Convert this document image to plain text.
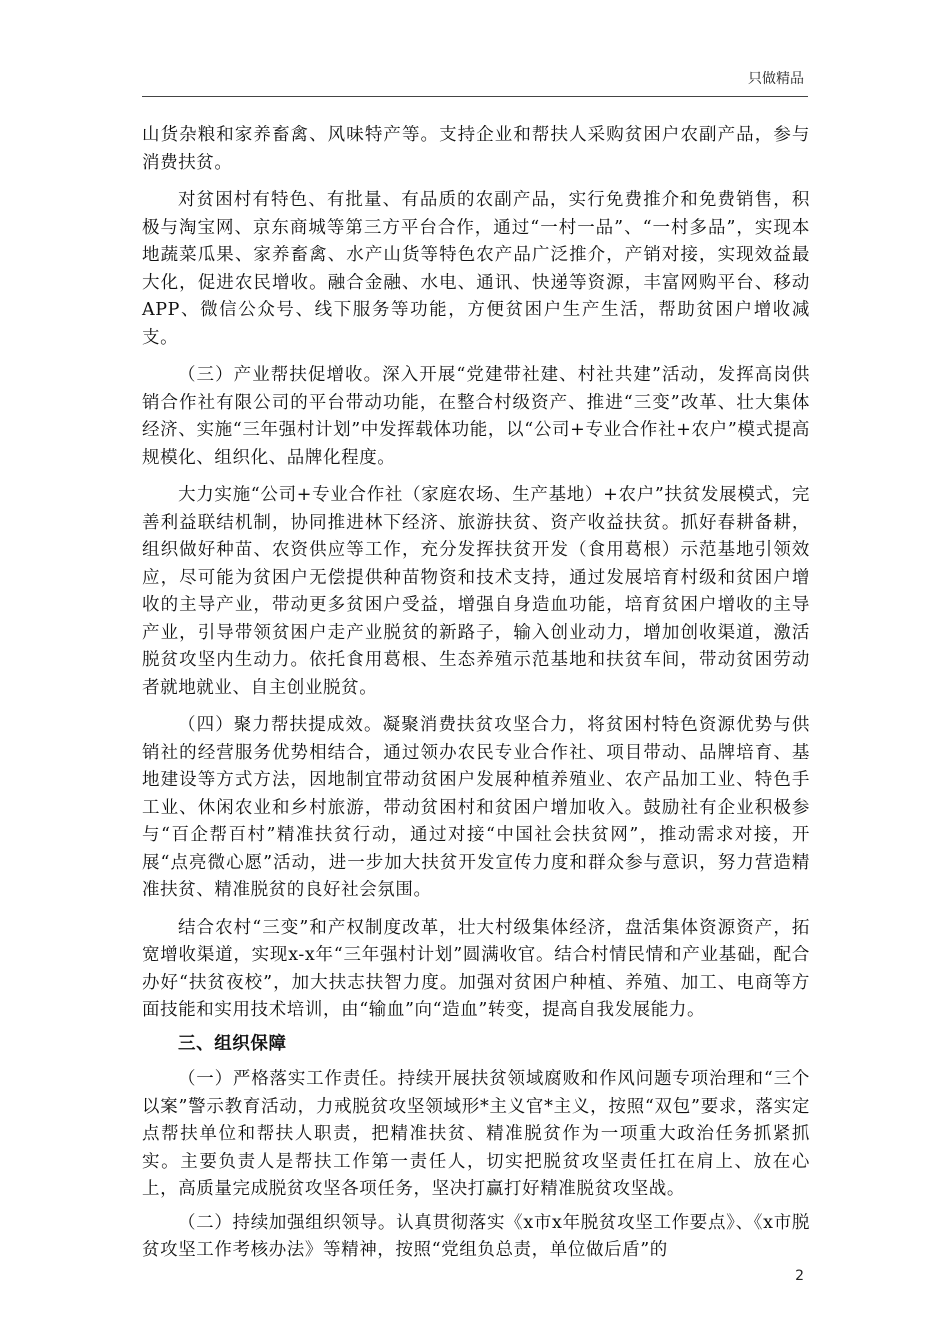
只做精品

山货杂粮和家养畜禽、风味特产等。支持企业和帮扶人采购贫困户农副产品，参与消费扶贫。

对贫困村有特色、有批量、有品质的农副产品，实行免费推介和免费销售，积极与淘宝网、京东商城等第三方平台合作，通过“一村一品”、“一村多品”，实现本地蔬菜瓜果、家养畜禽、水产山货等特色农产品广泛推介，产销对接，实现效益最大化，促进农民增收。融合金融、水电、通讯、快递等资源，丰富网购平台、移动APP、微信公众号、线下服务等功能，方便贫困户生产生活，帮助贫困户增收减支。

（三）产业帮扶促增收。深入开展“党建带社建、村社共建”活动，发挥高岗供销合作社有限公司的平台带动功能，在整合村级资产、推进“三变”改革、壮大集体经济、实施“三年强村计划”中发挥载体功能，以“公司+专业合作社+农户”模式提高规模化、组织化、品牌化程度。

大力实施“公司+专业合作社（家庭农场、生产基地）+农户”扶贫发展模式，完善利益联结机制，协同推进林下经济、旅游扶贫、资产收益扶贫。抓好春耕备耕，组织做好种苗、农资供应等工作，充分发挥扶贫开发（食用葛根）示范基地引领效应，尽可能为贫困户无偿提供种苗物资和技术支持，通过发展培育村级和贫困户增收的主导产业，带动更多贫困户受益，增强自身造血功能，培育贫困户增收的主导产业，引导带领贫困户走产业脱贫的新路子，输入创业动力，增加创收渠道，激活脱贫攻坚内生动力。依托食用葛根、生态养殖示范基地和扶贫车间，带动贫困劳动者就地就业、自主创业脱贫。

（四）聚力帮扶提成效。凝聚消费扶贫攻坚合力，将贫困村特色资源优势与供销社的经营服务优势相结合，通过领办农民专业合作社、项目带动、品牌培育、基地建设等方式方法，因地制宜带动贫困户发展种植养殖业、农产品加工业、特色手工业、休闲农业和乡村旅游，带动贫困村和贫困户增加收入。鼓励社有企业积极参与“百企帮百村”精准扶贫行动，通过对接“中国社会扶贫网”，推动需求对接，开展“点亮微心愿”活动，进一步加大扶贫开发宣传力度和群众参与意识，努力营造精准扶贫、精准脱贫的良好社会氛围。

结合农村“三变”和产权制度改革，壮大村级集体经济，盘活集体资源资产，拓宽增收渠道，实现x-x年“三年强村计划”圆满收官。结合村情民情和产业基础，配合办好“扶贫夜校”，加大扶志扶智力度。加强对贫困户种植、养殖、加工、电商等方面技能和实用技术培训，由“输血”向“造血”转变，提高自我发展能力。

三、组织保障

（一）严格落实工作责任。持续开展扶贫领域腐败和作风问题专项治理和“三个以案”警示教育活动，力戒脱贫攻坚领域形*主义官*主义，按照“双包”要求，落实定点帮扶单位和帮扶人职责，把精准扶贫、精准脱贫作为一项重大政治任务抓紧抓实。主要负责人是帮扶工作第一责任人，切实把脱贫攻坚责任扛在肩上、放在心上，高质量完成脱贫攻坚各项任务，坚决打赢打好精准脱贫攻坚战。

（二）持续加强组织领导。认真贯彻落实《x市x年脱贫攻坚工作要点》、《x市脱贫攻坚工作考核办法》等精神，按照“党组负总责，单位做后盾”的

2
